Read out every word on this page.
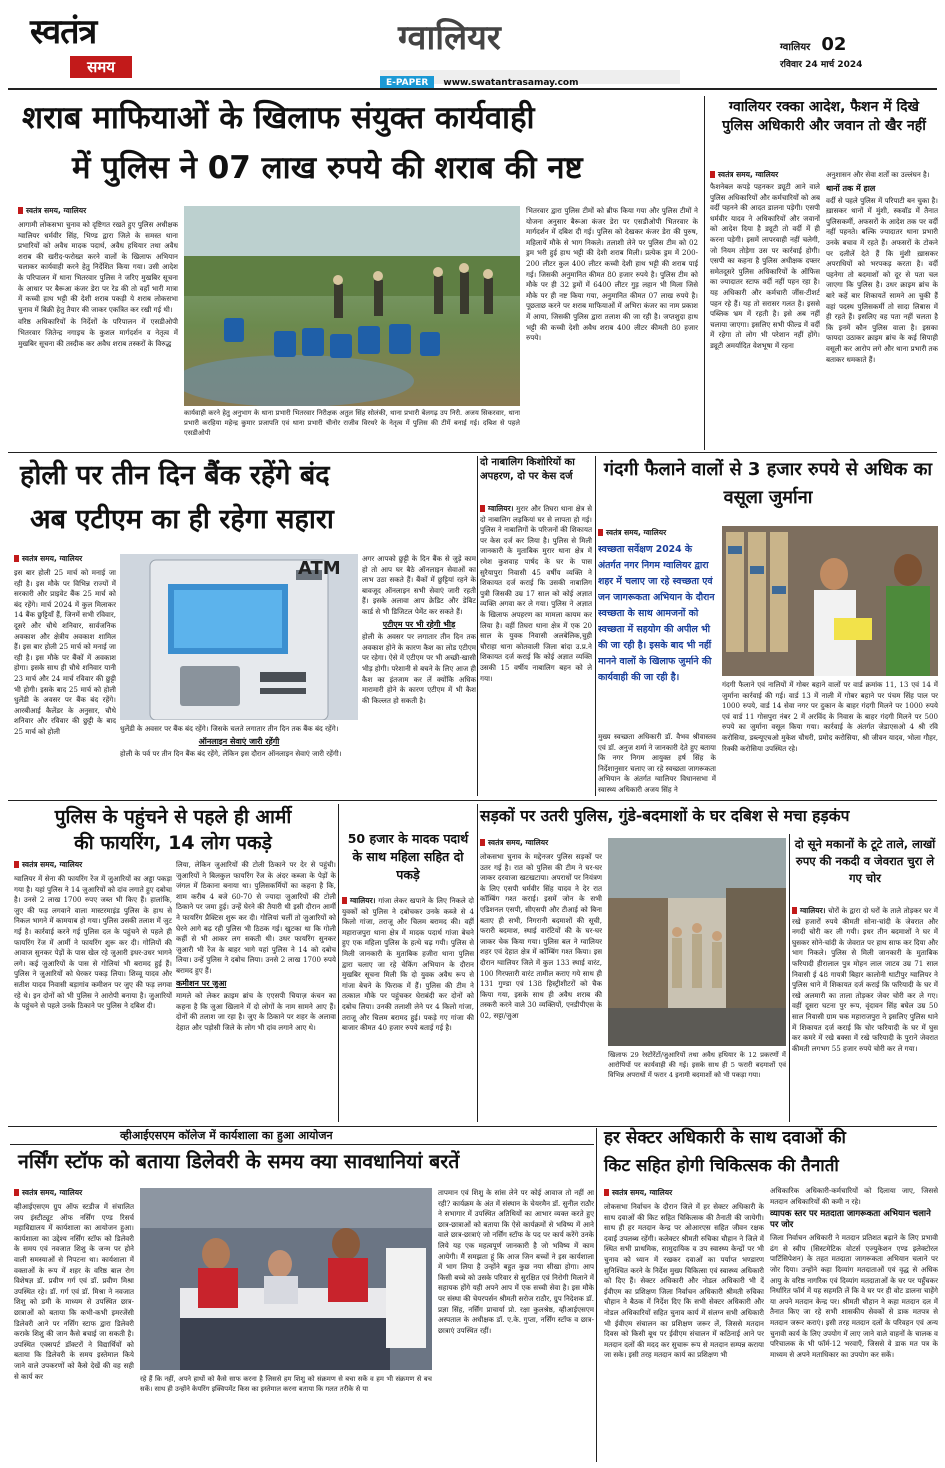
स्वतंत्र
समय
ग्वालियर
E-PAPER www.swatantrasamay.com
ग्वालियर 02
रविवार 24 मार्च 2024
शराब माफियाओं के खिलाफ संयुक्त कार्यवाही
में पुलिस ने 07 लाख रुपये की शराब की नष्ट
स्वतंत्र समय, ग्वालियर

आगामी लोकसभा चुनाव को दृष्टिगत रखते हुए पुलिस अधीक्षक ग्वालियर धर्मवीर सिंह, भिण्ड द्वारा जिले के समस्त थाना प्रभारियों को अवैध मादक पदार्थ, अवैध हथियार तथा अवैध शराब की खरीद-फरोख्त करने वालों के खिलाफ अभियान चलाकर कार्यवाही करने हेतु निर्देशित किया गया। उसी आदेश के परिपालन में थाना भितरवार पुलिस ने जरिए मुखबिर सूचना के आधार पर बैरूआ कंजर डेरा पर रेड की तो वहाँ भारी मात्रा में कच्ची हाथ भट्टी की देशी शराब पकड़ी ये शराब लोकसभा चुनाव में बिक्री हेतु तैयार की जाकर एकत्रित कर रखी गई थी।

वरिष्ठ अधिकारियों के निर्देशों के परिपालन में एसडीओपी भितरवार जितेन्द्र नगाइच के कुशल मार्गदर्शन व नेतृत्व में मुखबिर सूचना की तस्दीक कर अवैध शराब तस्करों के विरुद्ध

कार्यवाही करने हेतु अनुभाग के थाना प्रभारी भितरवार निरीक्षक अतुल सिंह सोलंकी, थाना प्रभारी बेलगढ़ उप निरी. अजय सिकरवार, थाना प्रभारी करहिया महेन्द्र कुमार प्रजापति एवं थाना प्रभारी चीनोर राजीव विरथरे के नेतृत्व में पुलिस की टीमें बनाई गई। दबिश से पहले एसडीओपी
भितरवार द्वारा पुलिस टीमों को ब्रीफ किया गया और पुलिस टीमों ने योजना अनुसार बैरूआ कंजर डेरा पर एसडीओपी भितरवार के मार्गदर्शन में दबिश दी गई। पुलिस को देखकर कंजर डेरा की पुरुष, महिलायें मौके से भाग निकले। तलाशी लेने पर पुलिस टीम को 02 ड्रम भरी हुई हाथ भट्टी की देशी शराब मिली। प्रत्येक ड्रम में 200-200 लीटर कुल 400 लीटर कच्ची देशी हाथ भट्टी की शराब पाई गई। जिसकी अनुमानित कीमत 80 हजार रुपये है। पुलिस टीम को मौके पर ही 32 ड्रमों में 6400 लीटर गुड़ लहान भी मिला जिसे मौके पर ही नष्ट किया गया, अनुमानित कीमत 07 लाख रुपये है। पूछताछ करने पर शराब माफियाओं में अभिरा कंजर का नाम प्रकाश में आया, जिसकी पुलिस द्वारा तलाश की जा रही है। जप्तशुदा हाथ भट्टी की कच्ची देशी अवैध शराब 400 लीटर कीमती 80 हजार रुपये।
ग्वालियर रक्का आदेश, फैशन में दिखे पुलिस अधिकारी और जवान तो खैर नहीं
स्वतंत्र समय, ग्वालियर
फैशनेबल कपड़े पहनकर ड्यूटी आने वाले पुलिस अधिकारियों और कर्मचारियों को अब वर्दी पहनने की आदत डालना पड़ेगी। एसपी धर्मवीर यादव ने अधिकारियों और जवानों को आदेश दिया है ड्यूटी तो वर्दी में ही करना पड़ेगी। इसमें लापरवाही नहीं चलेगी, जो नियम तोड़ेगा उस पर कार्रवाई होगी। एसपी का कहना है पुलिस अधीक्षक दफ्तर समेतदूसरे पुलिस अधिकारियों के ऑफिस का ज्यादातर स्टाफ वर्दी नहीं पहन रहा है। यह अधिकारी और कर्मचारी जींस-टीशर्ट पहन रहे हैं। यह तो सरासर गलत है। इससे पब्लिक भ्रम में रहती है। इसे अब नहीं चलाया जाएगा। इसलिए सभी फील्ड में वर्दी में रहेगा तो लोग भी परेशान नहीं होंगे। ड्यूटी अमर्यादित वेशभूषा में रहना
अनुशासन और सेवा शर्तों का उल्लंघन है।
थानों तक में हाल
वर्दी से पहले पुलिस में परिपाटी बन चुका है। ख़ासकर थानों में मुंशी, स्कवॉड में तैनात पुलिसकर्मी, अफसरों के आदेश तक पर वर्दी नहीं पहनते। बल्कि ज्यादातर थाना प्रभारी उनके बचाव में रहते हैं। अफसरों के टोकने पर दलीलें देते हैं कि मुंशी ख़ासकर अपराधियों को भरपकड़ करता है। वर्दी पहनेगा तो बदमाशों को दूर से पता चल जाएगा कि पुलिस है। उधर क्राइम ब्रांच के बारे कहें बार शिकायतें सामने आ चुकी हैं वहां पदस्थ पुलिसकर्मी तो सादा लिबास में ही रहते हैं। इसलिए वह पता नहीं चलता है कि इनमें कौन पुलिस वाला है। इसका फायदा उठाकर क्राइम ब्रांच के कई सिपाही वसूली कर आरोप लगे और थाना प्रभारी तक बताकर धमकाते हैं।
होली पर तीन दिन बैंक रहेंगे बंद
अब एटीएम का ही रहेगा सहारा
स्वतंत्र समय, ग्वालियर
इस बार होली 25 मार्च को मनाई जा रही है। इस मौके पर विभिन्न राज्यों में सरकारी और प्राइवेट बैंक 25 मार्च को बंद रहेंगे। मार्च 2024 में कुल मिलाकर 14 बैंक छुट्टियाँ हैं, जिनमें सभी रविवार, दूसरे और चौथे शनिवार, सार्वजनिक अवकाश और क्षेत्रीय अवकाश शामिल हैं। इस बार होली 25 मार्च को मनाई जा रही है। इस मौके पर बैंकों में अवकाश होगा। इसके साथ ही चौथे शनिवार यानी 23 मार्च और 24 मार्च रविवार की छुट्टी भी होगी। इसके बाद 25 मार्च को होली धुलेंडी के अवसर पर बैंक बंद रहेंगे। आरबीआई कैलेंडर के अनुसार, चौथे शनिवार और रविवार की छुट्टी के बाद 25 मार्च को होली
ATM

धुलेंडी के अवसर पर बैंक बंद रहेंगे। जिसके चलते लगातार तीन दिन तक बैंक बंद रहेंगे।

ऑनलाइन सेवाएं जारी रहेंगी

होली के पर्व पर तीन दिन बैंक बंद रहेंगे, लेकिन इस दौरान ऑनलाइन सेवाएं जारी रहेंगी।

अगर आपको छुट्टी के दिन बैंक से जुड़े काम हो तो आप घर बैठे ऑनलाइन सेवाओं का लाभ उठा सकते हैं। बैंकों में छुट्टियां रहने के बावजूद ऑनलाइन सभी सेवाएं जारी रहती हैं। इसके अलावा आप क्रेडिट और डेबिट कार्ड से भी डिजिटल पेमेंट कर सकते हैं।

एटीएम पर भी रहेगी भीड़

होली के अवसर पर लगातार तीन दिन तक अवकाश होने के कारण कैश का लोड एटीएम पर रहेगा। ऐसे में एटीएम पर भी अच्छी-खासी भीड़ होगी। परेशानी से बचने के लिए आज ही कैश का इंतजाम कर लें क्योंकि अधिक मारामारी होने के कारण एटीएम में भी कैश की किल्लत हो सकती है।

दो नाबालिग किशोरियों का अपहरण, दो पर केस दर्ज
ग्वालियर। मुरार और तिघरा थाना क्षेत्र से दो नाबालिग लड़कियां घर से लापता हो गई। पुलिस ने नाबालिगों के परिजनों की शिकायत पर केस दर्ज कर लिया है। पुलिस से मिली जानकारी के मुताबिक मुरार थाना क्षेत्र में रमेश कुशवाह पार्षद के घर के पास सुरैयापुरा निवासी 45 वर्षीय व्यक्ति ने शिकायत दर्ज कराई कि उसकी नाबालिग पुत्री जिसकी उम्र 17 साल को कोई अज्ञात व्यक्ति अगवा कर ले गया। पुलिस ने अज्ञात के खिलाफ अपहरण का मामला कायम कर लिया है। वहीं तिघरा थाना क्षेत्र में एक 20 साल के युवक निवासी अलबेलिक,चुही चौराहा थाना कोतवाली जिला बांदा उ.प्र.ने शिकायत दर्ज कराई कि कोई अज्ञात व्यक्ति उसकी 15 वर्षीय नाबालिग बहन को ले गया।
गंदगी फैलाने वालों से 3 हजार रुपये से अधिक का वसूला जुर्माना
स्वतंत्र समय, ग्वालियर
स्वच्छता सर्वेक्षण 2024 के अंतर्गत नगर निगम ग्वालियर द्वारा शहर में चलाए जा रहे स्वच्छता एवं जन जागरूकता अभियान के दौरान स्वच्छता के साथ आमजनों को स्वच्छता में सहयोग की अपील भी की जा रही है। इसके बाद भी नहीं मानने वालों के खिलाफ जुर्माने की कार्यवाही की जा रही है।
गंदगी फैलाने एवं नालियों में गोबर बहाने वालों पर वार्ड क्रमांक 11, 13 एवं 14 में जुर्माना कार्रवाई की गई। वार्ड 13 में नाली में गोबर बहाने पर पंचम सिंह पाल पर 1000 रुपये, वार्ड 14 सेवा नगर पर दुकान के बाहर गंदगी मिलने पर 1000 रुपये एवं वार्ड 11 गोसपुरा नंबर 2 में अरविंद के निवास के बाहर गंदगी मिलने पर 500 रुपये का जुर्माना वसूल किया गया। कार्रवाई के अंतर्गत जेडाएसओ 4 श्री रवि करोसिया, डब्ल्यूएचओ मुकेश चौधरी, प्रमोद करोसिया, श्री जीवन यादव, भोला गौहर, रिक्की करोसिया उपस्थित रहे।
मुख्य स्वच्छता अधिकारी डॉ. वैभव श्रीवास्तव एवं डॉ. अनुज शर्मा ने जानकारी देते हुए बताया कि नगर निगम आयुक्त हर्ष सिंह के निर्देशानुसार चलाए जा रहे स्वच्छता जागरूकता अभियान के अंतर्गत ग्वालियर विधानसभा में स्वास्थ्य अधिकारी अजय सिंह ने
पुलिस के पहुंचने से पहले ही आर्मी
की फायरिंग, 14 लोग पकड़े
स्वतंत्र समय, ग्वालियर
ग्वालियर में सेना की फायरिंग रेंज में जुआरियों का अड्डा पकड़ा गया है। यहां पुलिस ने 14 जुआरियों को दांव लगाते हुए दबोचा है। उनसे 2 लाख 1700 रुपए जब्त भी किए हैं। हालांकि, जुए की फड़ लगवाने वाला मास्टरमाइंड पुलिस के हाथ से निकल भागने में कामयाब हो गया। पुलिस उसकी तलाश में जुट गई है। कार्रवाई करने गई पुलिस दल के पहुंचने से पहले ही फायरिंग रेंज में आर्मी ने फायरिंग शुरू कर दी। गोलियों की आवाज सुनकर पेड़ों के पास खेल रहे जुआरी इधर-उधर भागने लगे। कई जुआरियों के पास से गोलियां भी बरामद हुई हैं। पुलिस ने जुआरियों को घेरकर पकड़ लिया। शिव्वू यादव और सतीश यादव निवासी बड़ागांव कमीशन पर जुए की फड़ लगवा रहे थे। इन दोनों को भी पुलिस ने आरोपी बनाया है। जुआरियों के पहुंचने से पहले उनके ठिकाने पर पुलिस ने दबिश दी।

लिया, लेकिन जुआरियों की टोली ठिकाने पर देर से पहुंची। जुआरियों ने बिलकुल फायरिंग रेंज के अंदर कब्जा के पेड़ों के जंगल में ठिकाना बनाया था। पुलिसकर्मियों का कहना है कि, शाम करीब 4 बजे 60-70 से ज्यादा जुआरियों की टोली ठिकाने पर जमा हुई। उन्हें घेरने की तैयारी थी इसी दौरान आर्मी ने फायरिंग प्रैक्टिस शुरू कर दी। गोलियां चलीं तो जुआरियों को घेरने आगे बढ़ रही पुलिस भी ठिठक गई। खुटका था कि गोली कहीं से भी आकर लग सकती थी। उधर फायरिंग सुनकर जुआरी भी रेंज के बाहर भागे यहां पुलिस ने 14 को दबोच लिया। उन्हें पुलिस ने दबोच लिया। उनसे 2 लाख 1700 रुपये बरामद हुए हैं।

कमीशन पर जुआ

मामले को लेकर क्राइम ब्रांच के एएसपी चियाज़ कंचन का कहना है कि जुआ खिलाने में दो लोगों के नाम सामने आए हैं। दोनों की तलाश जा रहा है। जुए के ठिकाने पर शहर के अलावा देहात और पड़ोसी जिले के लोग भी दांव लगाने आए थे।

50 हजार के मादक पदार्थ के साथ महिला सहित दो पकड़े
ग्वालियर। गांजा लेकर खपाने के लिए निकले दो युवकों को पुलिस ने दबोचकर उनके कब्जे से 4 किलो गांजा, तराजू और चिलम बरामद की। वहीं महाराजपुरा थाना क्षेत्र में मादक पदार्थ गांजा बेचने हुए एक महिला पुलिस के हत्थे चढ़ गयी। पुलिस से मिली जानकारी के मुताबिक हजीरा थाना पुलिस द्वारा चलाए जा रहे चेकिंग अभियान के दौरान मुखबिर सूचना मिली कि दो युवक अवैध रूप से गांजा बेचने के फिराक में हैं। पुलिस की टीम ने तत्काल मौके पर पहुंचकर घेराबंदी कर दोनों को दबोच लिया। उनकी तलाशी लेने पर 4 किलो गांजा, तराजू और चिलम बरामद हुई। पकड़े गए गांजा की बाजार कीमत 40 हजार रुपये बताई गई है।
सड़कों पर उतरी पुलिस, गुंडे-बदमाशों के घर दबिश से मचा हड़कंप
स्वतंत्र समय, ग्वालियर
लोकसभा चुनाव के मद्देनजर पुलिस सड़कों पर उतर गई है। रात को पुलिस की टीम ने घर-घर जाकर दरवाजा खटखटाया। अपराधों पर नियंत्रण के लिए एसपी धर्मवीर सिंह यादव ने देर रात कॉम्बिंग गश्त कराई। इसमें जोन के सभी एडिशनल एसपी, सीएसपी और टीआई को बिना बताए ही सभी, निगरानी बदमाशों की सूची, फरारी बदमाश, स्थाई वारंटियों की के घर-घर जाकर चेक किया गया। पुलिस बल ने ग्वालियर शहर एवं देहात क्षेत्र में कॉम्बिंग गश्त किया। इस दौरान ग्वालियर जिले में कुल 133 स्थाई वारंट, 100 गिरफ्तारी वारंट तामील कराए गये साथ ही 131 गुण्डा एवं 138 हिस्ट्रीशीटरों को चैक किया गया, इसके साथ ही अवैध शराब की तस्करी करने वाले 30 व्यक्तियों, एनडीपीएस के 02, सट्टा/जुआ
खिलाफ 29 रेस्टोरेंटों/जुआरियों तथा अवैध हथियार के 12 प्रकरणों में आरोपियों पर कार्यवाही की गई। इसके साथ ही 5 फरारी बदमाशों एवं विभिन्न अपराधों में फरार 4 इनामी बदमाशों को भी पकड़ा गया।
दो सूने मकानों के टूटे ताले, लाखों रुपए की नकदी व जेवरात चुरा ले गए चोर
ग्वालियर। चोरों के द्वारा दो घरों के ताले तोड़कर घर में रखे हजारों रुपये कीमती सोना-चांदी के जेवरात और नगदी चोरी कर ली गयी। इधर तीन बदमाशों ने घर में घुसकर सोने-चांदी के जेवरात पर हाथ साफ कर दिया और भाग निकले। पुलिस से मिली जानकारी के मुताबिक फरियादी हीरालाल पुत्र मोहन लाल जाटव उम्र 71 साल निवासी ई 48 गायत्री बिहार कालोनी थाटीपुर ग्वालियर ने पुलिस थाने में शिकायत दर्ज कराई कि फरियादी के घर में रखे अलमारी का ताला तोड़कर जेवर चोरी कर ले गए। वहीं दूसरा घटना पुर रूप, वृंदावन सिंह बघेल उम्र 50 साल निवासी ग्राम चक महाराजपुरा ने इसलिए पुलिस थाने में शिकायत दर्ज कराई कि चोर फरियादी के घर में घुस कर कमरे में रखे बक्सा में रखे फरियादी के पुराने जेवरात कीमती लगभग 55 हजार रुपये चोरी कर ले गया।
व्हीआईएसएम कॉलेज में कार्यशाला का हुआ आयोजन
नर्सिंग स्टॉफ को बताया डिलेवरी के समय क्या सावधानियां बरतें
स्वतंत्र समय, ग्वालियर
व्हीआईएसएम ग्रुप ऑफ स्टडीज में संचालित जय इंस्टीट्यूट ऑफ नर्सिंग एण्ड रिसर्च महाविद्यालय में कार्यशाला का आयोजन हुआ। कार्यशाला का उद्देश्य नर्सिंग स्टॉफ को डिलेवरी के समय एवं नवजात शिशु के जन्म पर होने वाली समस्याओं से निपटना था। कार्यशाला में वक्ताओं के रूप में शहर के वरिष्ठ बाल रोग विशेषज्ञ डॉ. प्रवीण गर्ग एवं डॉ. प्रवीण मिश्रा उपस्थित रहे। डॉ. गर्ग एवं डॉ. मिश्रा ने नवजात शिशु को डमी के माध्यम से उपस्थित छात्र-छात्राओं को बताया कि कभी-कभी इमरजेंसी डिलेवरी आने पर नर्सिंग स्टाफ द्वारा डिलेवरी कराके शिशु की जान कैसे बचाई जा सकती है। उपस्थित एक्सपर्ट डॉक्टरों ने विद्यार्थियों को बताया कि डिलेवरी के समय इस्तेमाल किये जाने वाले उपकरणों को कैसे देखें की वह सही से कार्य कर	रहे हैं कि नहीं, अपने हाथों को कैसे साफ करना है जिससे हम शिशु को संक्रमण से बचा सकें व हम भी संक्रमण से बच सकें। साथ ही उन्होंने केयरिंग इक्विपमेंट किस का इस्तेमाल करना बताया कि गलत तरीके से या
तापमान एवं शिशु के सांस लेने पर कोई आवाज तो नहीं आ रही? कार्यक्रम के अंत में संस्थान के चेयरमैन डॉ. सुनील राठौर ने सभागार में उपस्थित अतिथियों का आभार व्यक्त करते हुए छात्र-छात्राओं को बताया कि ऐसे कार्यक्रमों से भविष्य में आने वाले छात्र-छात्राएं जो नर्सिंग स्टॉफ के पद पर कार्य करेंगे उनके लिये यह एक महत्वपूर्ण जानकारी है जो भविष्य में काम आयेगी। मैं समझता हूं कि आज जिन बच्चों ने इस कार्यशाला में भाग लिया है उन्होंने बहुत कुछ नया सीखा होगा। आप किसी बच्चे को उसके परिवार से सुरक्षित एवं निरोगी मिलाने में सहायक होंगे यही अपने आप में एक सच्ची सेवा है। इस मौके पर संस्था की चेयरपर्सन श्रीमती सरोज राठौर, ग्रुप निदेशक डॉ. प्रज्ञा सिंह, नर्सिंग प्राचार्या प्रो. रक्षा कुलश्रेष्ठ, व्हीआईएसएम अस्पताल के अधीक्षक डॉ. ए.के. गुप्ता, नर्सिंग स्टॉफ व छात्र-छात्राएं उपस्थित रहीं।
हर सेक्टर अधिकारी के साथ दवाओं की
किट सहित होगी चिकित्सक की तैनाती
स्वतंत्र समय, ग्वालियर
लोकसभा निर्वाचन के दौरान जिले में हर सेक्टर अधिकारी के साथ दवाओं की किट सहित चिकित्सक की तैनाती की जायेगी। साथ ही हर मतदान केन्द्र पर ओआरएस सहित जीवन रक्षक दवाईं उपलब्ध रहेंगी। कलेक्टर श्रीमती रुचिका चौहान ने जिले में स्थित सभी प्राथमिक, सामुदायिक व उप स्वास्थ्य केन्द्रों पर भी चुनाव को ध्यान में रखकर दवाओं का पर्याप्त भण्डारण सुनिश्चित करने के निर्देश मुख्य चिकित्सा एवं स्वास्थ्य अधिकारी को दिए हैं। सेक्टर अधिकारी और नोडल अधिकारी भी दें ईवीएम का प्रशिक्षण जिला निर्वाचन अधिकारी श्रीमती रुचिका चौहान ने बैठक में निर्देश दिए कि सभी सेक्टर अधिकारी और नोडल अधिकारियों सहित चुनाव कार्य में संलग्न सभी अधिकारी भी ईवीएम संचालन का प्रशिक्षण जरूर लें, जिससे मतदान दिवस को किसी बूथ पर ईवीएम संचालन में कठिनाई आने पर मतदान दलों की मदद कर सुचारू रूप से मतदान सम्पन्न कराया जा सके। इसी तरह मतदान कार्य का प्रशिक्षण भी
अधिकारिक अधिकारी-कर्मचारियों को दिलाया जाए, जिससे मतदान अधिकारियों की कमी न रहे।
व्यापक स्तर पर मतदाता जागरूकता अभियान चलाने पर जोर
जिला निर्वाचन अधिकारी ने मतदान प्रतिशत बढ़ाने के लिए प्रभावी ढंग से स्वीप (सिस्टमेटिक वोटर्स एज्युकेशन एण्ड इलेक्टोरल पार्टिसिपेशन) के तहत मतदाता जागरूकता अभियान चलाने पर जोर दिया। उन्होंने कहा दिव्यांग मतदाताओं एवं वृद्ध से अधिक आयु के वरिष्ठ नागरिक एवं दिव्यांग मतदाताओं के घर पर पहुँचकर निर्धारित फॉर्म में यह सहमति लें कि वे घर पर ही वोट डालना चाहेंगे या अपने मतदान केन्द्र पर। श्रीमती चौहान ने कहा मतदान दल में तैनात किए जा रहे सभी शासकीय सेवकों से डाक मतपत्र से मतदान जरूर कराएं। इसी तरह मतदान दलों के परिवहन एवं अन्य चुनावी कार्य के लिए उपयोग में लाए जाने वाले वाहनों के चालक व परिचालक के भी फॉर्म-12 भरवाएँ, जिससे वे डाक मत पत्र के माध्यम से अपने मताधिकार का उपयोग कर सकें।
